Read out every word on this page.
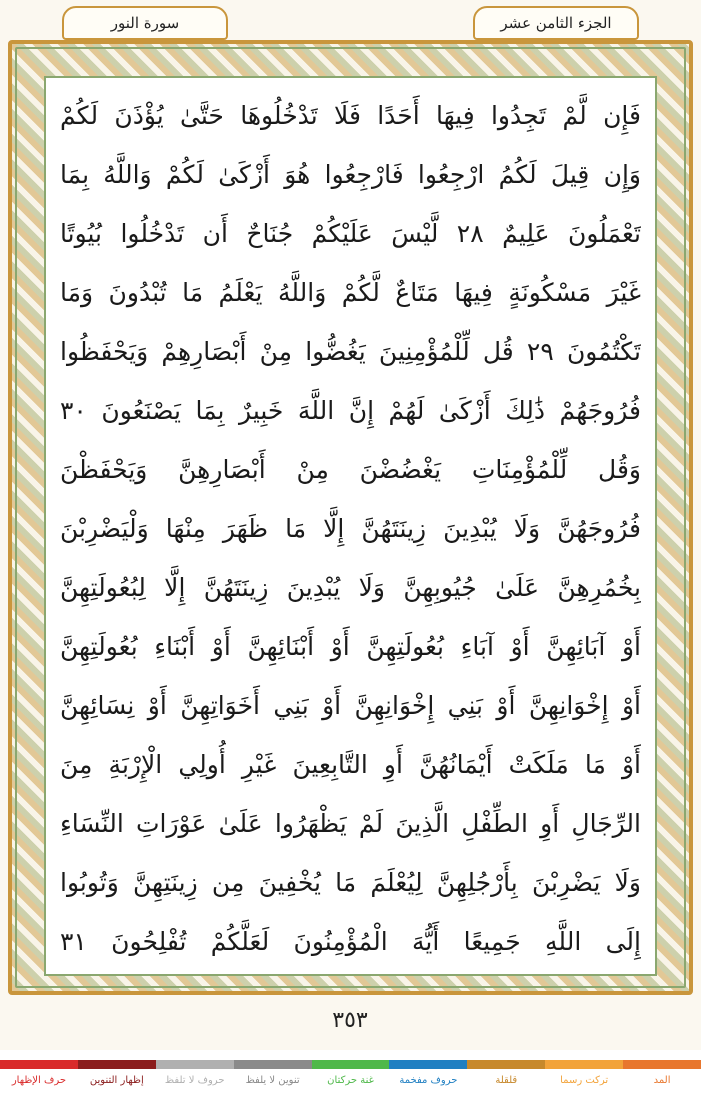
سورة النور	الجزء الثامن عشر
فَإِن لَّمْ تَجِدُوا فِيهَا أَحَدًا فَلَا تَدْخُلُوهَا حَتَّىٰ يُؤْذَنَ لَكُمْ
وَإِن قِيلَ لَكُمُ ارْجِعُوا فَارْجِعُوا هُوَ أَزْكَىٰ لَكُمْ وَاللَّهُ بِمَا
تَعْمَلُونَ عَلِيمٌ ٢٨ لَّيْسَ عَلَيْكُمْ جُنَاحٌ أَن تَدْخُلُوا بُيُوتًا
غَيْرَ مَسْكُونَةٍ فِيهَا مَتَاعٌ لَّكُمْ وَاللَّهُ يَعْلَمُ مَا تُبْدُونَ وَمَا
تَكْتُمُونَ ٢٩ قُل لِّلْمُؤْمِنِينَ يَغُضُّوا مِنْ أَبْصَارِهِمْ وَيَحْفَظُوا
فُرُوجَهُمْ ذَٰلِكَ أَزْكَىٰ لَهُمْ إِنَّ اللَّهَ خَبِيرٌ بِمَا يَصْنَعُونَ ٣٠
وَقُل لِّلْمُؤْمِنَاتِ يَغْضُضْنَ مِنْ أَبْصَارِهِنَّ وَيَحْفَظْنَ
فُرُوجَهُنَّ وَلَا يُبْدِينَ زِينَتَهُنَّ إِلَّا مَا ظَهَرَ مِنْهَا وَلْيَضْرِبْنَ
بِخُمُرِهِنَّ عَلَىٰ جُيُوبِهِنَّ وَلَا يُبْدِينَ زِينَتَهُنَّ إِلَّا لِبُعُولَتِهِنَّ
أَوْ آبَائِهِنَّ أَوْ آبَاءِ بُعُولَتِهِنَّ أَوْ أَبْنَائِهِنَّ أَوْ أَبْنَاءِ بُعُولَتِهِنَّ
أَوْ إِخْوَانِهِنَّ أَوْ بَنِي إِخْوَانِهِنَّ أَوْ بَنِي أَخَوَاتِهِنَّ أَوْ نِسَائِهِنَّ
أَوْ مَا مَلَكَتْ أَيْمَانُهُنَّ أَوِ التَّابِعِينَ غَيْرِ أُولِي الْإِرْبَةِ مِنَ
الرِّجَالِ أَوِ الطِّفْلِ الَّذِينَ لَمْ يَظْهَرُوا عَلَىٰ عَوْرَاتِ النِّسَاءِ
وَلَا يَضْرِبْنَ بِأَرْجُلِهِنَّ لِيُعْلَمَ مَا يُخْفِينَ مِن زِينَتِهِنَّ وَتُوبُوا
إِلَى اللَّهِ جَمِيعًا أَيُّهَ الْمُؤْمِنُونَ لَعَلَّكُمْ تُفْلِحُونَ ٣١
٣٥٣
المد
تركت رسما
قلقلة
حروف مفخمة
غنة حركتان
تنوين لا يلفظ
حروف لا تلفظ
إظهار التنوين
حرف الإظهار
